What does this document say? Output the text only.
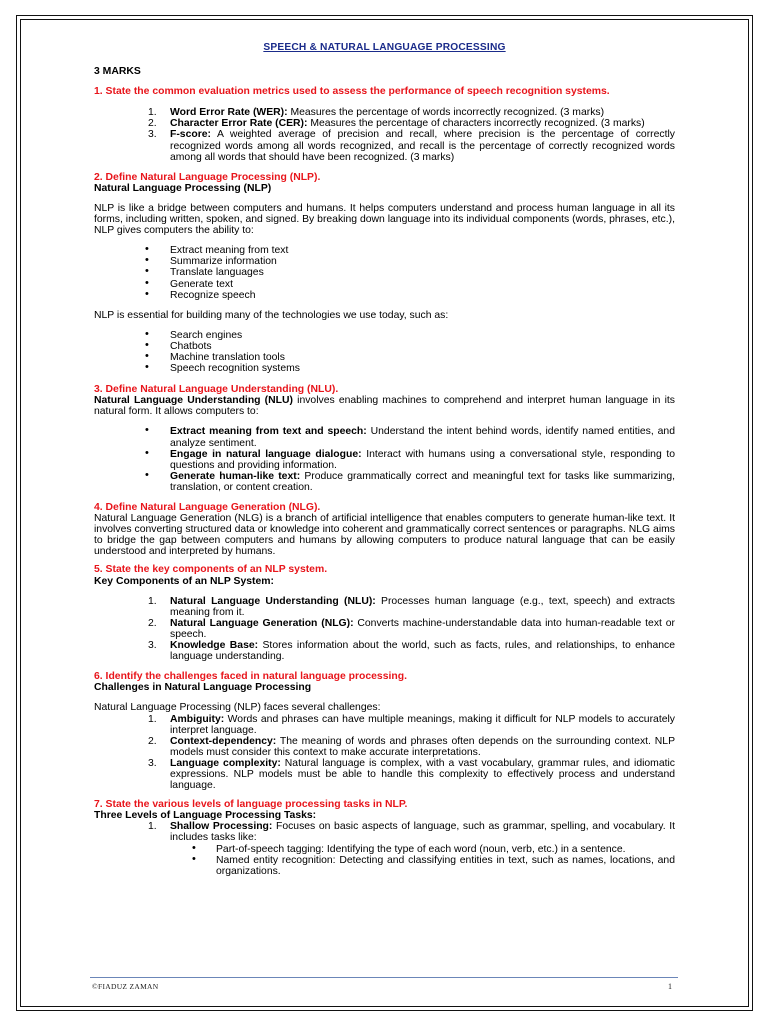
SPEECH & NATURAL LANGUAGE PROCESSING
3 MARKS
1. State the common evaluation metrics used to assess the performance of speech recognition systems.
1. Word Error Rate (WER): Measures the percentage of words incorrectly recognized. (3 marks)
2. Character Error Rate (CER): Measures the percentage of characters incorrectly recognized. (3 marks)
3. F-score: A weighted average of precision and recall, where precision is the percentage of correctly recognized words among all words recognized, and recall is the percentage of correctly recognized words among all words that should have been recognized. (3 marks)
2. Define Natural Language Processing (NLP).
Natural Language Processing (NLP)

NLP is like a bridge between computers and humans. It helps computers understand and process human language in all its forms, including written, spoken, and signed. By breaking down language into its individual components (words, phrases, etc.), NLP gives computers the ability to:

• Extract meaning from text
• Summarize information
• Translate languages
• Generate text
• Recognize speech

NLP is essential for building many of the technologies we use today, such as:

• Search engines
• Chatbots
• Machine translation tools
• Speech recognition systems
3. Define Natural Language Understanding (NLU).

Natural Language Understanding (NLU) involves enabling machines to comprehend and interpret human language in its natural form. It allows computers to:

• Extract meaning from text and speech: Understand the intent behind words, identify named entities, and analyze sentiment.
• Engage in natural language dialogue: Interact with humans using a conversational style, responding to questions and providing information.
• Generate human-like text: Produce grammatically correct and meaningful text for tasks like summarizing, translation, or content creation.
4. Define Natural Language Generation (NLG).

Natural Language Generation (NLG) is a branch of artificial intelligence that enables computers to generate human-like text. It involves converting structured data or knowledge into coherent and grammatically correct sentences or paragraphs. NLG aims to bridge the gap between computers and humans by allowing computers to produce natural language that can be easily understood and interpreted by humans.

5. State the key components of an NLP system.
Key Components of an NLP System:
1. Natural Language Understanding (NLU): Processes human language (e.g., text, speech) and extracts meaning from it.
2. Natural Language Generation (NLG): Converts machine-understandable data into human-readable text or speech.
3. Knowledge Base: Stores information about the world, such as facts, rules, and relationships, to enhance language understanding.
6. Identify the challenges faced in natural language processing.
Challenges in Natural Language Processing

Natural Language Processing (NLP) faces several challenges:

1. Ambiguity: Words and phrases can have multiple meanings, making it difficult for NLP models to accurately interpret language.
2. Context-dependency: The meaning of words and phrases often depends on the surrounding context. NLP models must consider this context to make accurate interpretations.
3. Language complexity: Natural language is complex, with a vast vocabulary, grammar rules, and idiomatic expressions. NLP models must be able to handle this complexity to effectively process and understand language.
7. State the various levels of language processing tasks in NLP.
Three Levels of Language Processing Tasks:
1. Shallow Processing: Focuses on basic aspects of language, such as grammar, spelling, and vocabulary. It includes tasks like:
• Part-of-speech tagging: Identifying the type of each word (noun, verb, etc.) in a sentence.
• Named entity recognition: Detecting and classifying entities in text, such as names, locations, and organizations.
©FIADUZ ZAMAN	1
